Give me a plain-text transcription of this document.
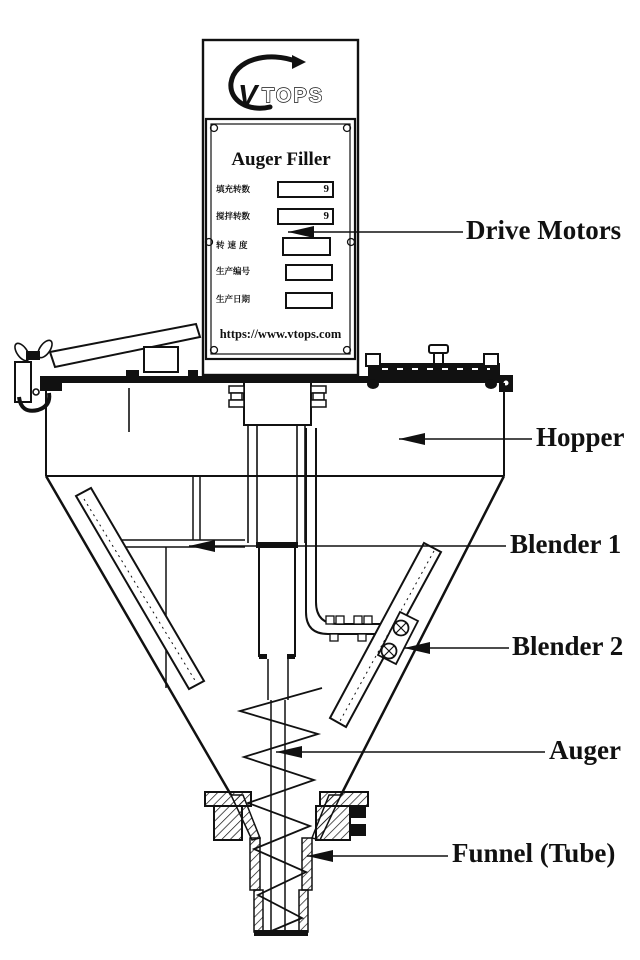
V TOPS
Auger Filler
填充转数	9
搅拌转数	9
转速度
生产编号
生产日期
https://www.vtops.com
Drive Motors
Hopper
Blender 1
Blender 2
Auger
Funnel (Tube)
